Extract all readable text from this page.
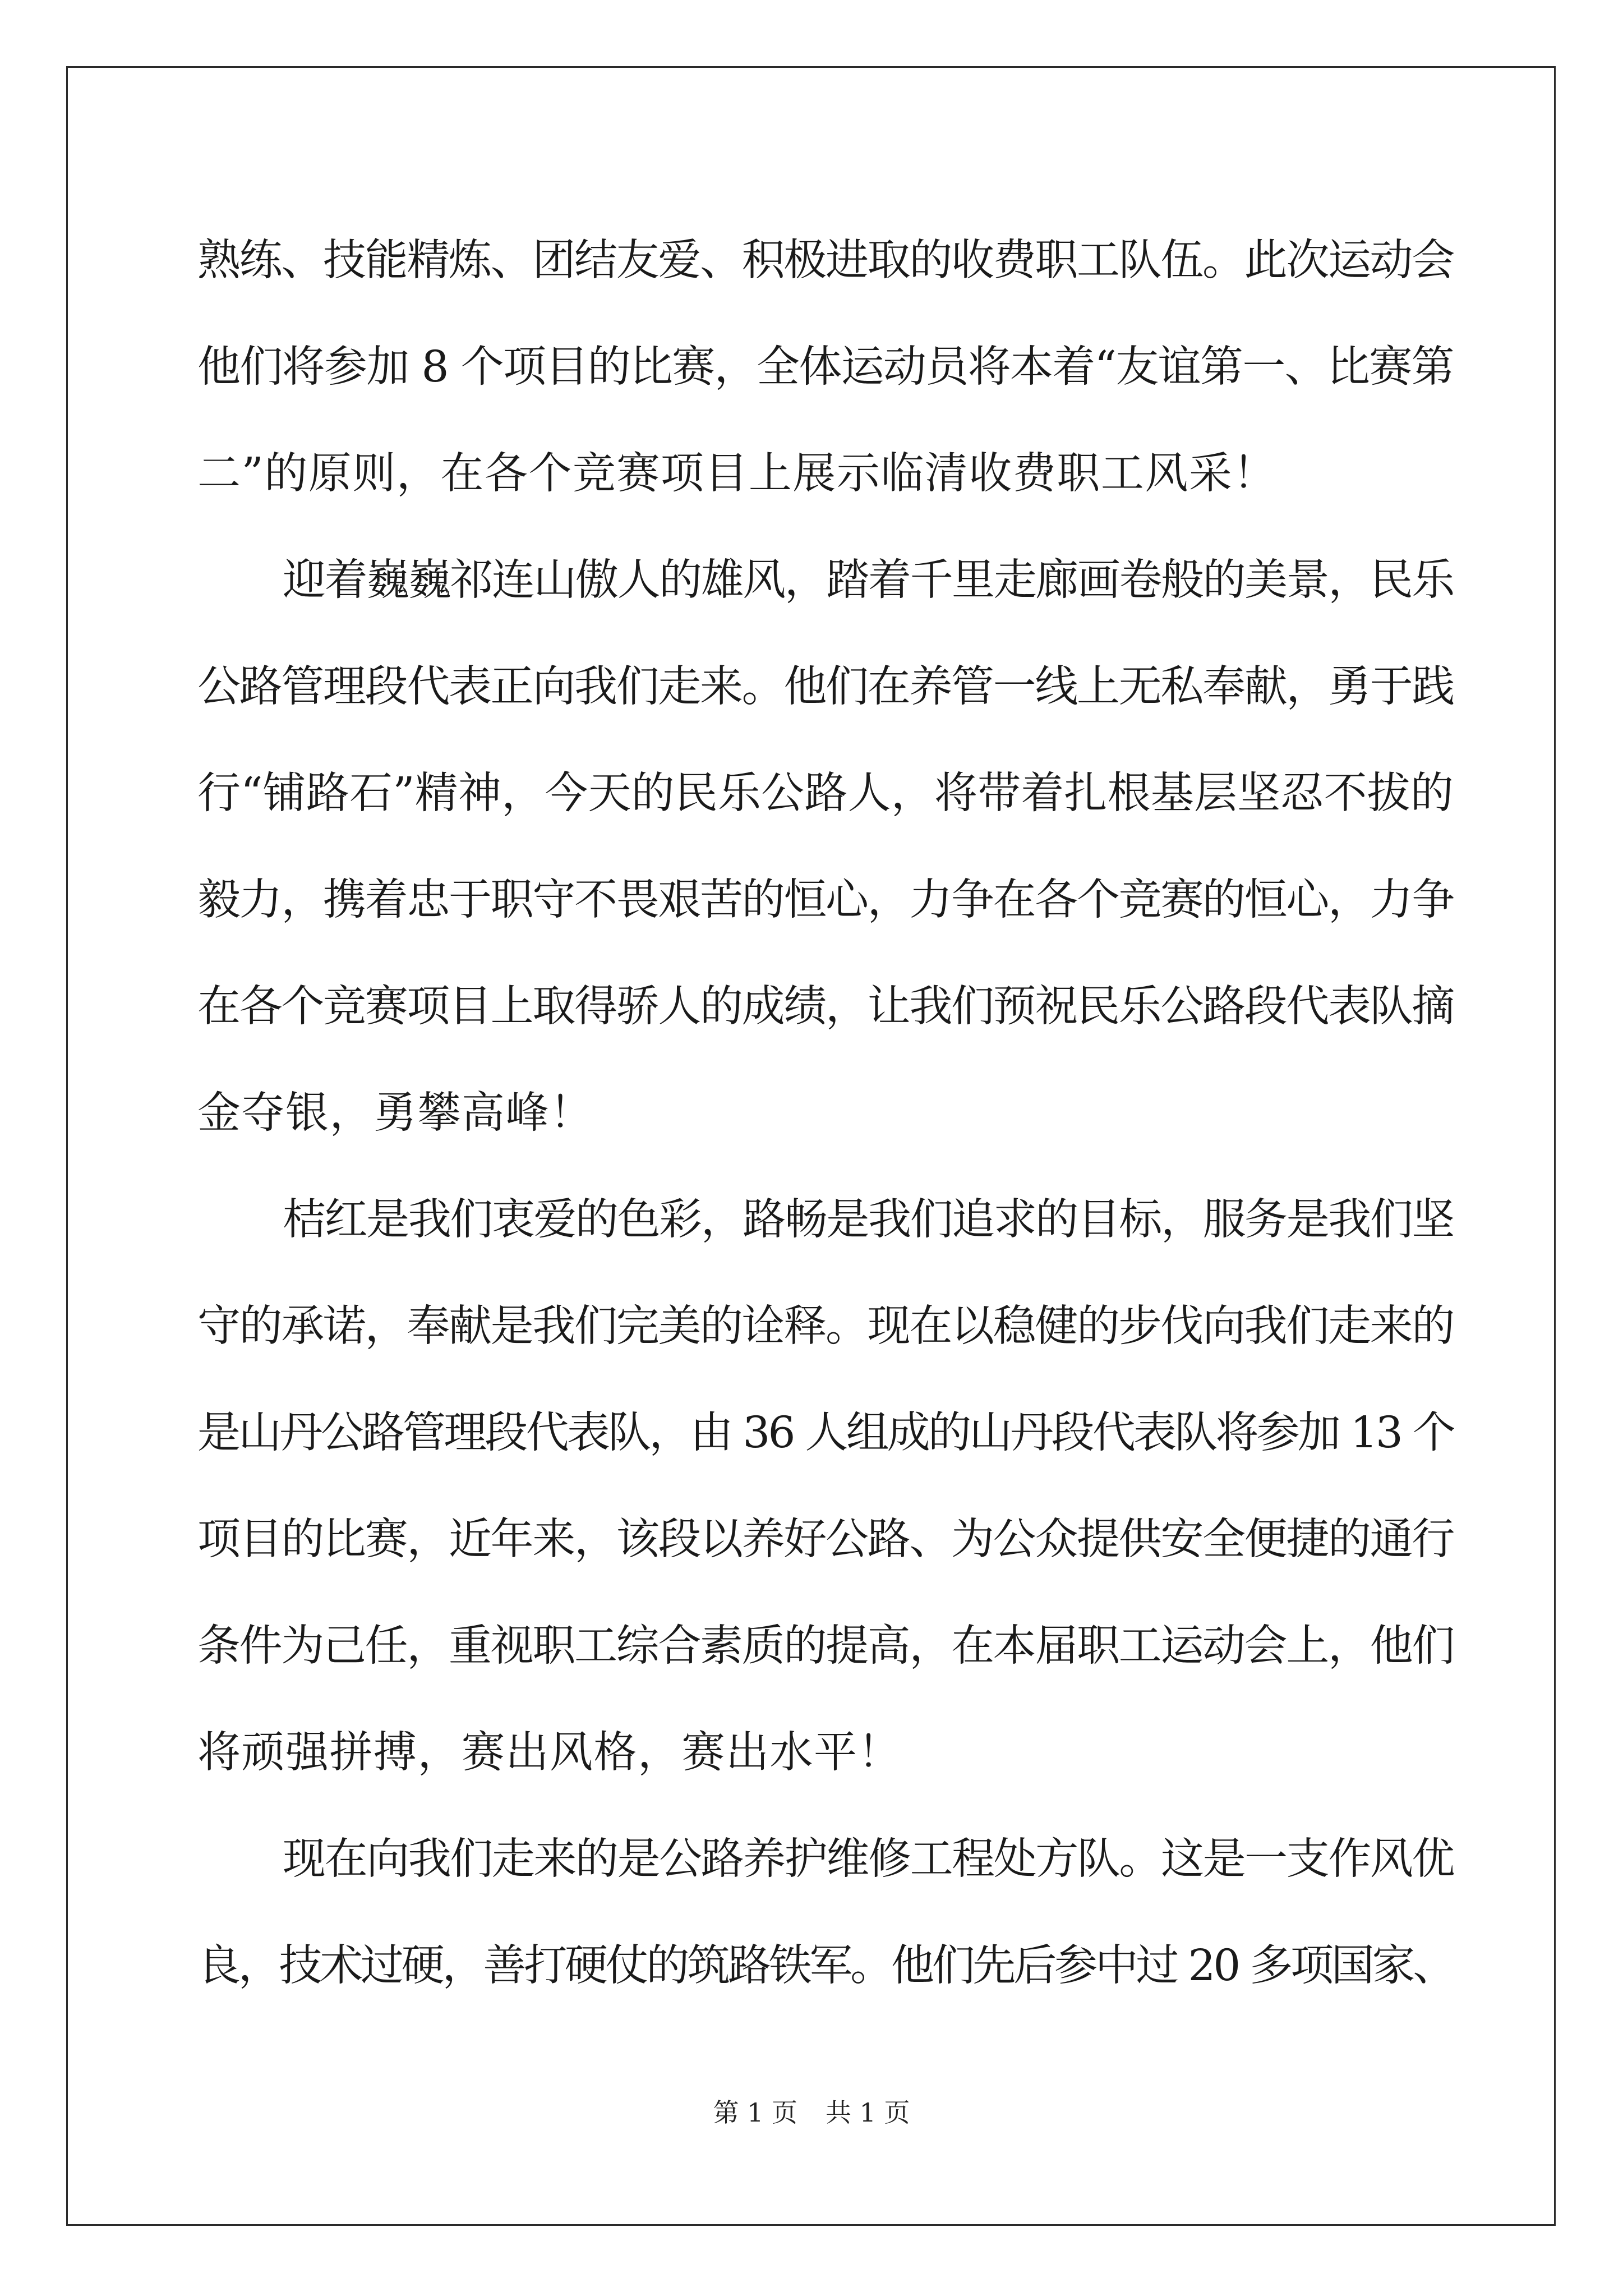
熟练、技能精炼、团结友爱、积极进取的收费职工队伍。此次运动会
他们将参加 8 个项目的比赛，全体运动员将本着“友谊第一、比赛第
二”的原则，在各个竞赛项目上展示临清收费职工风采！
迎着巍巍祁连山傲人的雄风，踏着千里走廊画卷般的美景，民乐
公路管理段代表正向我们走来。他们在养管一线上无私奉献，勇于践
行“铺路石”精神，今天的民乐公路人，将带着扎根基层坚忍不拔的
毅力，携着忠于职守不畏艰苦的恒心，力争在各个竞赛的恒心，力争
在各个竞赛项目上取得骄人的成绩，让我们预祝民乐公路段代表队摘
金夺银，勇攀高峰！
桔红是我们衷爱的色彩，路畅是我们追求的目标，服务是我们坚
守的承诺，奉献是我们完美的诠释。现在以稳健的步伐向我们走来的
是山丹公路管理段代表队，由 36 人组成的山丹段代表队将参加 13 个
项目的比赛，近年来，该段以养好公路、为公众提供安全便捷的通行
条件为己任，重视职工综合素质的提高，在本届职工运动会上，他们
将顽强拼搏，赛出风格，赛出水平！
现在向我们走来的是公路养护维修工程处方队。这是一支作风优
良，技术过硬，善打硬仗的筑路铁军。他们先后参中过 20 多项国家、
第 1 页 共 1 页
